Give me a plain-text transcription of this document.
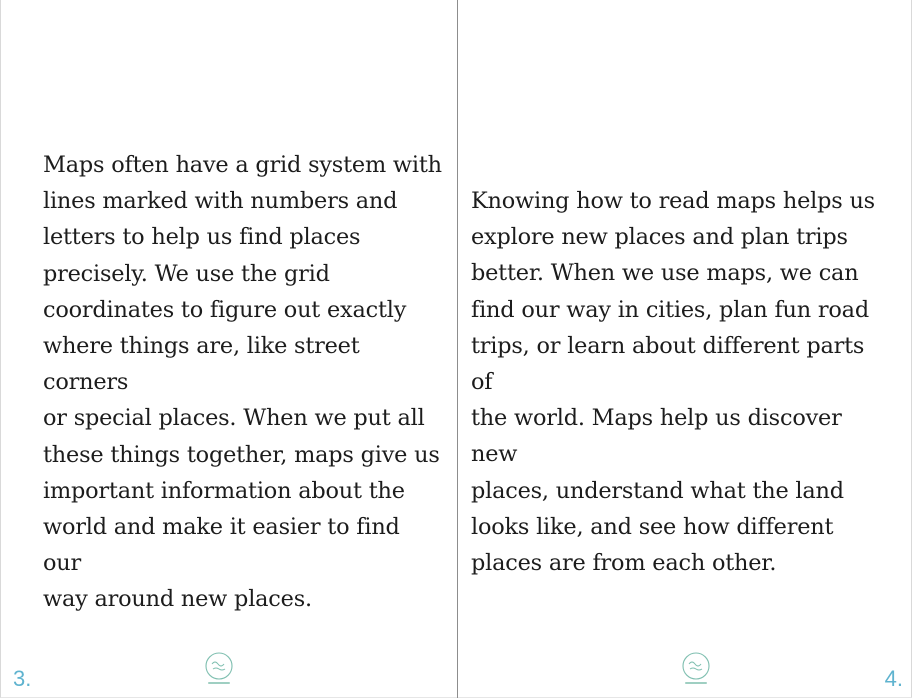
Maps often have a grid system with
lines marked with numbers and
letters to help us find places
precisely. We use the grid
coordinates to figure out exactly
where things are, like street corners
or special places. When we put all
these things together, maps give us
important information about the
world and make it easier to find our
way around new places.

3.

Knowing how to read maps helps us
explore new places and plan trips
better. When we use maps, we can
find our way in cities, plan fun road
trips, or learn about different parts of
the world. Maps help us discover new
places, understand what the land
looks like, and see how different
places are from each other.

4.
